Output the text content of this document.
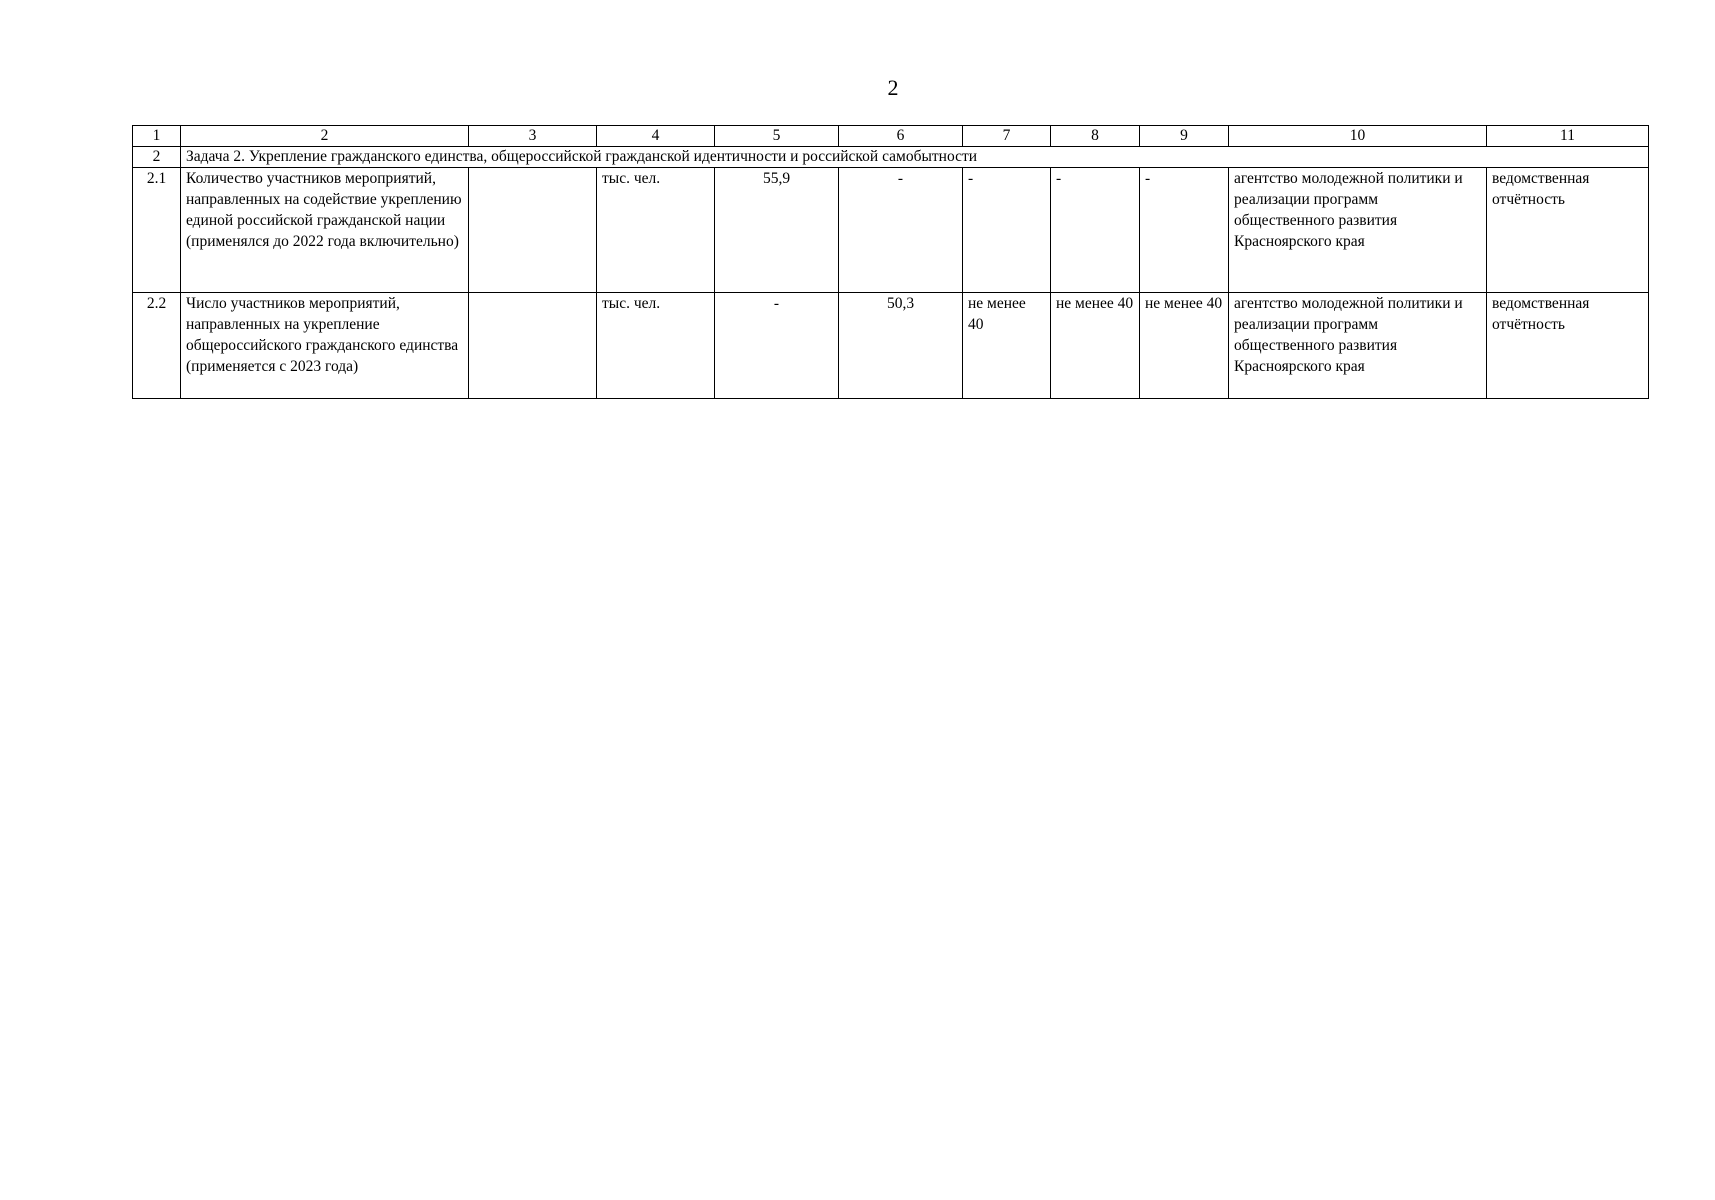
2
1	2	3	4	5	6	7	8	9	10	11
2	Задача 2. Укрепление гражданского единства, общероссийской гражданской идентичности и российской самобытности									
2.1	Количество участников мероприятий, направленных на содействие укреплению единой российской гражданской нации (применялся до 2022 года включительно)		тыс. чел.	55,9	-	-	-	-	агентство молодежной политики и реализации программ общественного развития Красноярского края	ведомственная отчётность
2.2	Число участников мероприятий, направленных на укрепление общероссийского гражданского единства (применяется с 2023 года)		тыс. чел.	-	50,3	не менее 40	не менее 40	не менее 40	агентство молодежной политики и реализации программ общественного развития Красноярского края	ведомственная отчётность
